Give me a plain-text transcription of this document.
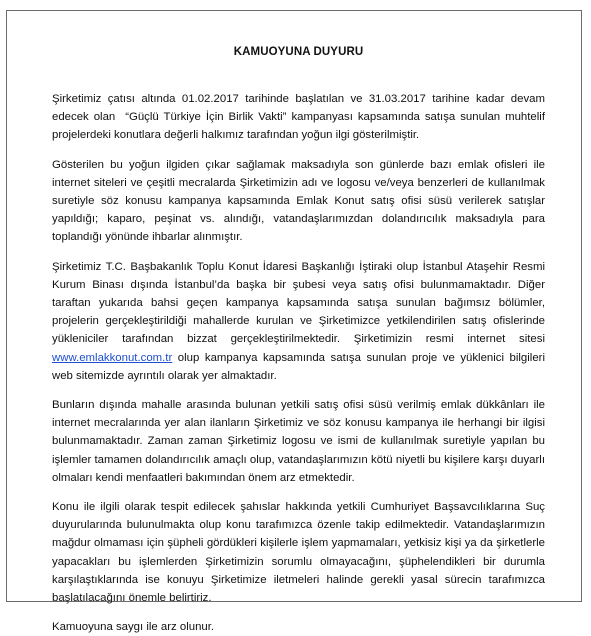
KAMUOYUNA DUYURU

Şirketimiz çatısı altında 01.02.2017 tarihinde başlatılan ve 31.03.2017 tarihine kadar devam edecek olan  “Güçlü Türkiye İçin Birlik Vakti” kampanyası kapsamında satışa sunulan muhtelif projelerdeki konutlara değerli halkımız tarafından yoğun ilgi gösterilmiştir.

Gösterilen bu yoğun ilgiden çıkar sağlamak maksadıyla son günlerde bazı emlak ofisleri ile internet siteleri ve çeşitli mecralarda Şirketimizin adı ve logosu ve/veya benzerleri de kullanılmak suretiyle söz konusu kampanya kapsamında Emlak Konut satış ofisi süsü verilerek satışlar yapıldığı; kaparo, peşinat vs. alındığı, vatandaşlarımızdan dolandırıcılık maksadıyla para toplandığı yönünde ihbarlar alınmıştır.

Şirketimiz T.C. Başbakanlık Toplu Konut İdaresi Başkanlığı İştiraki olup İstanbul Ataşehir Resmi Kurum Binası dışında İstanbul’da başka bir şubesi veya satış ofisi bulunmamaktadır. Diğer taraftan yukarıda bahsi geçen kampanya kapsamında satışa sunulan bağımsız bölümler, projelerin gerçekleştirildiği mahallerde kurulan ve Şirketimizce yetkilendirilen satış ofislerinde yükleniciler tarafından bizzat gerçekleştirilmektedir. Şirketimizin resmi internet sitesi www.emlakkonut.com.tr olup kampanya kapsamında satışa sunulan proje ve yüklenici bilgileri web sitemizde ayrıntılı olarak yer almaktadır.

Bunların dışında mahalle arasında bulunan yetkili satış ofisi süsü verilmiş emlak dükkânları ile internet mecralarında yer alan ilanların Şirketimiz ve söz konusu kampanya ile herhangi bir ilgisi bulunmamaktadır. Zaman zaman Şirketimiz logosu ve ismi de kullanılmak suretiyle yapılan bu işlemler tamamen dolandırıcılık amaçlı olup, vatandaşlarımızın kötü niyetli bu kişilere karşı duyarlı olmaları kendi menfaatleri bakımından önem arz etmektedir.

Konu ile ilgili olarak tespit edilecek şahıslar hakkında yetkili Cumhuriyet Başsavcılıklarına Suç duyurularında bulunulmakta olup konu tarafımızca özenle takip edilmektedir. Vatandaşlarımızın mağdur olmaması için şüpheli gördükleri kişilerle işlem yapmamaları, yetkisiz kişi ya da şirketlerle yapacakları bu işlemlerden Şirketimizin sorumlu olmayacağını, şüphelendikleri bir durumla karşılaştıklarında ise konuyu Şirketimize iletmeleri halinde gerekli yasal sürecin tarafımızca başlatılacağını önemle belirtiriz.

Kamuoyuna saygı ile arz olunur.
